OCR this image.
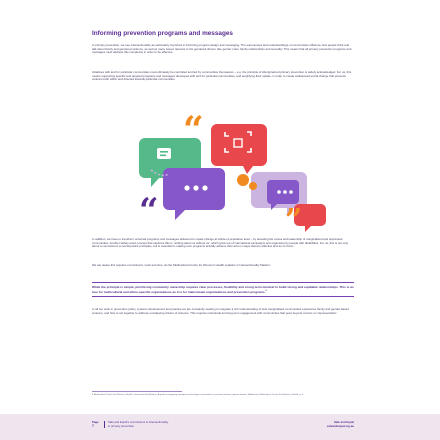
Informing prevention programs and messages
In primary prevention, we see intersectionality as particularly important in informing program design and messaging. The experiences and understandings of communities influence how people think and talk about family and gendered violence, as well as many issues relevant to the gendered drivers, like gender roles, family relationships and sexuality. This means that all primary prevention programs and messages must address this complexity in order to be effective.
Initiatives with and for particular communities must ultimately be controlled and led by communities themselves – e.g. the principle of Aboriginal-led primary prevention is widely acknowledged. For us, this means supporting specific and targeted programs and messages developed with and for particular communities, and amplifying their uptake, in order to create widespread social change that prevents violence both within and directed towards particular communities.
“
”
“
In addition, we have to transform universal programs and messages delivered to create change at whole-of-population level – by elevating the voices and leadership of marginalised and oppressed communities. Another widely-used concept that captures this is 'nothing about us without us', which grew out of international campaigns and organising by people with disabilities. For us, this is not only about a commitment to social justice principles, but is essential in making sure programs actually achieve their aims in ways that are effective and do no harm.
We are aware this requires commitment, work and time. As the Multicultural Centre for Women's Health explains in Intersectionality Matters:
While the principle is simple, prioritising community ownership requires clear processes, flexibility and a long-term mindset to build strong and equitable relationships. This is as true for multicultural and ethno-specific organisations as it is for mainstream organisations and prevention programs.$^6$
In all our work in prevention policy, systems development and practice we are constantly seeking to integrate a rich understanding of how marginalised communities experience family and gender-based violence, and how to act together to address overlapping drivers of violence. This requires intentional and long-term engagement with communities that goes beyond a focus on 'representation'.
6 Multicultural Centre for Women's Health, Intersectionality Matters: A guide to engaging immigrant and refugee communities to prevent violence against women. Melbourne: Multicultural Centre for Women's Health, p. 6.
Page
7
Safe and Equal's commitment to intersectionality
in primary prevention
Safe and Equal
safeandequal.org.au
